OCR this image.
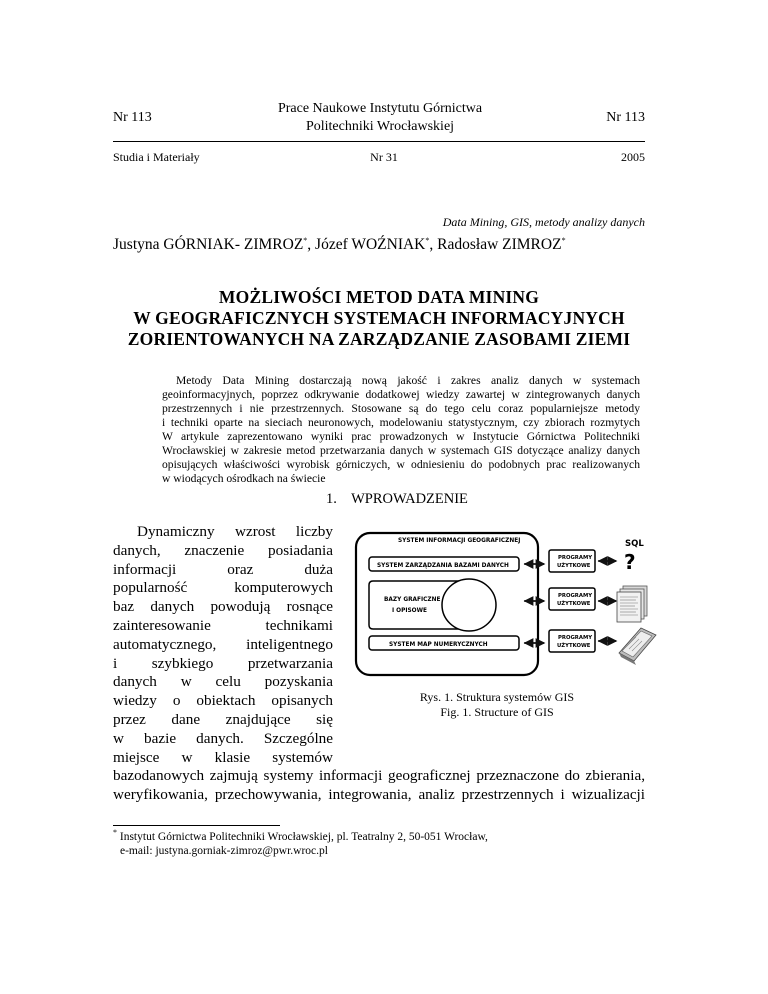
Nr 113
Prace Naukowe Instytutu Górnictwa
Politechniki Wrocławskiej
Nr 113
Studia i Materiały	Nr 31	2005
Data Mining, GIS, metody analizy danych
Justyna GÓRNIAK- ZIMROZ*, Józef WOŹNIAK*, Radosław ZIMROZ*
MOŻLIWOŚCI METOD DATA MINING
W GEOGRAFICZNYCH SYSTEMACH INFORMACYJNYCH
ZORIENTOWANYCH NA ZARZĄDZANIE ZASOBAMI ZIEMI

Metody Data Mining dostarczają nową jakość i zakres analiz danych w systemach

geoinformacyjnych, poprzez odkrywanie dodatkowej wiedzy zawartej w zintegrowanych danych

przestrzennych i nie przestrzennych. Stosowane są do tego celu coraz popularniejsze metody

i techniki oparte na sieciach neuronowych, modelowaniu statystycznym, czy zbiorach rozmytych

W artykule zaprezentowano wyniki prac prowadzonych w Instytucie Górnictwa Politechniki

Wrocławskiej w zakresie metod przetwarzania danych w systemach GIS dotyczące analizy danych

opisujących właściwości wyrobisk górniczych, w odniesieniu do podobnych prac realizowanych

w wiodących ośrodkach na świecie

1. WPROWADZENIE
Dynamiczny wzrost liczby
danych, znaczenie posiadania
informacji oraz duża
popularność komputerowych
baz danych powodują rosnące
zainteresowanie technikami
automatycznego, inteligentnego
i szybkiego przetwarzania
danych w celu pozyskania
wiedzy o obiektach opisanych
przez dane znajdujące się
w bazie danych. Szczególne
miejsce w klasie systemów
bazodanowych zajmują systemy informacji geograficznej przeznaczone do zbierania,
weryfikowania, przechowywania, integrowania, analiz przestrzennych i wizualizacji
SYSTEM INFORMACJI GEOGRAFICZNEJ
SYSTEM ZARZĄDZANIA BAZAMI DANYCH
BAZY GRAFICZNE
I OPISOWE
SYSTEM MAP NUMERYCZNYCH
PROGRAMY
UŻYTKOWE
PROGRAMY
UŻYTKOWE
PROGRAMY
UŻYTKOWE
SQL
?
Rys. 1. Struktura systemów GIS
Fig. 1. Structure of GIS
* Instytut Górnictwa Politechniki Wrocławskiej, pl. Teatralny 2, 50-051 Wrocław,
e-mail: justyna.gorniak-zimroz@pwr.wroc.pl
